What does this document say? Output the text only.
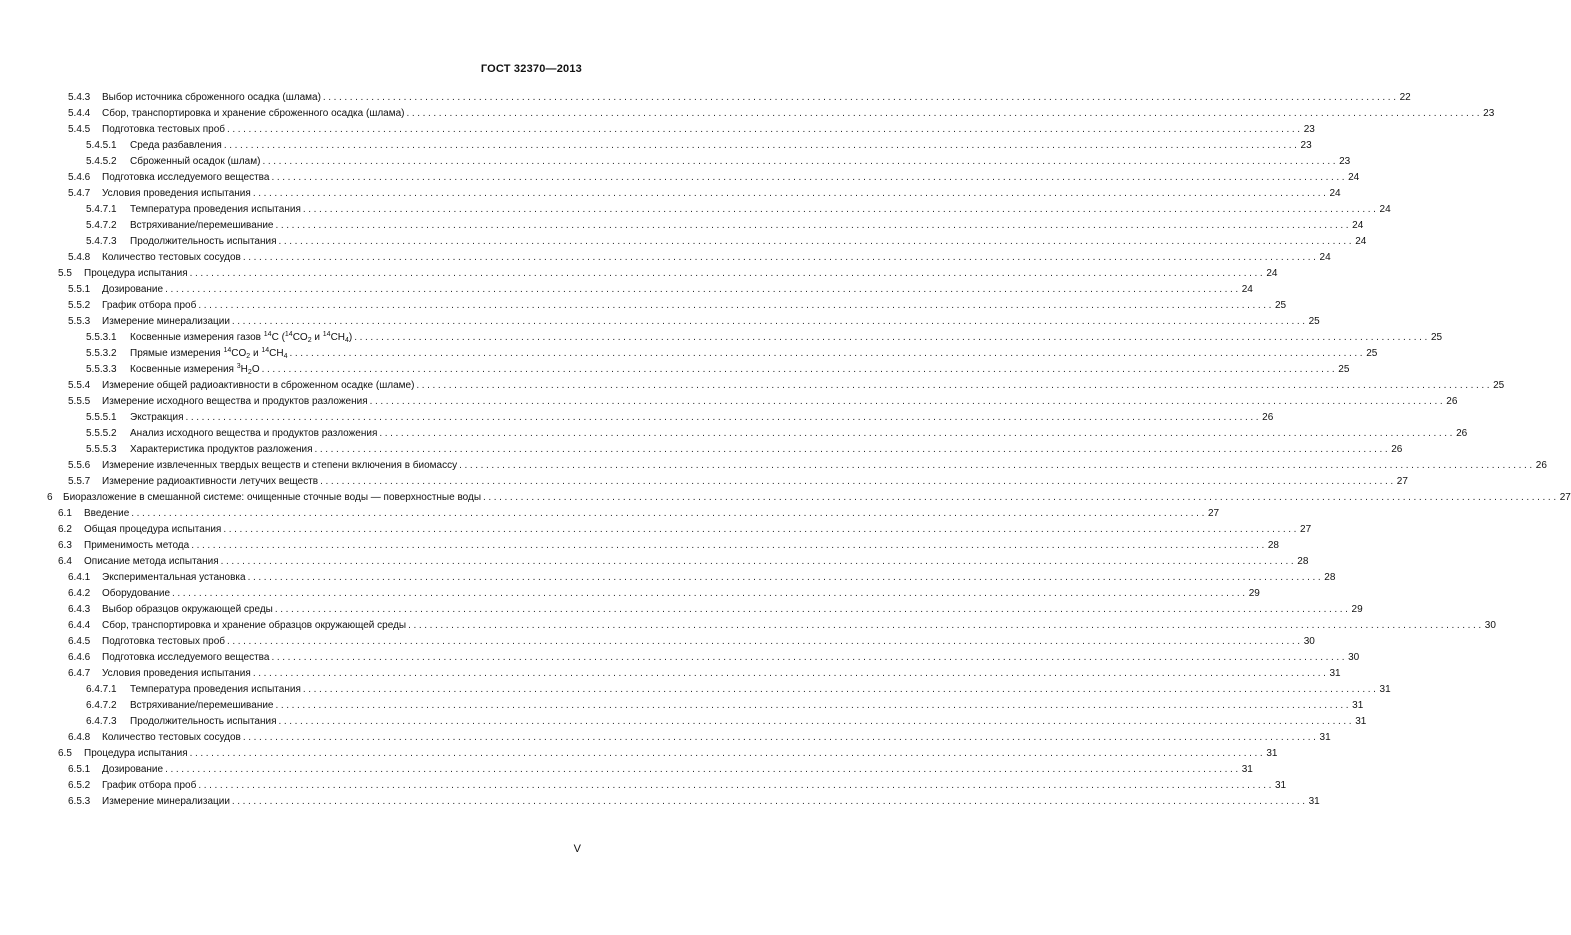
ГОСТ 32370—2013
5.4.3	Выбор источника сброженного осадка (шлама) ........................................................................................................................................................................................................ 22
5.4.4	Сбор, транспортировка и хранение сброженного осадка (шлама) ........................................................................................................................................................................................................ 23
5.4.5	Подготовка тестовых проб ........................................................................................................................................................................................................ 23
5.4.5.1	Среда разбавления ........................................................................................................................................................................................................ 23
5.4.5.2	Сброженный осадок (шлам) ........................................................................................................................................................................................................ 23
5.4.6	Подготовка исследуемого вещества ........................................................................................................................................................................................................ 24
5.4.7	Условия проведения испытания ........................................................................................................................................................................................................ 24
5.4.7.1	Температура проведения испытания ........................................................................................................................................................................................................ 24
5.4.7.2	Встряхивание/перемешивание ........................................................................................................................................................................................................ 24
5.4.7.3	Продолжительность испытания ........................................................................................................................................................................................................ 24
5.4.8	Количество тестовых сосудов ........................................................................................................................................................................................................ 24
5.5	Процедура испытания ........................................................................................................................................................................................................ 24
5.5.1	Дозирование ........................................................................................................................................................................................................ 24
5.5.2	График отбора проб ........................................................................................................................................................................................................ 25
5.5.3	Измерение минерализации ........................................................................................................................................................................................................ 25
5.5.3.1	Косвенные измерения газов $^{14}$C ($^{14}CO_2$ и $^{14}CH_4$) ........................................................................................................................................................................................................ 25
5.5.3.2	Прямые измерения $^{14}CO_2$ и $^{14}CH_4$ ........................................................................................................................................................................................................ 25
5.5.3.3	Косвенные измерения $^3H_2O$ ........................................................................................................................................................................................................ 25
5.5.4	Измерение общей радиоактивности в сброженном осадке (шламе) ........................................................................................................................................................................................................ 25
5.5.5	Измерение исходного вещества и продуктов разложения ........................................................................................................................................................................................................ 26
5.5.5.1	Экстракция ........................................................................................................................................................................................................ 26
5.5.5.2	Анализ исходного вещества и продуктов разложения ........................................................................................................................................................................................................ 26
5.5.5.3	Характеристика продуктов разложения ........................................................................................................................................................................................................ 26
5.5.6	Измерение извлеченных твердых веществ и степени включения в биомассу ........................................................................................................................................................................................................ 26
5.5.7	Измерение радиоактивности летучих веществ ........................................................................................................................................................................................................ 27
6	Биоразложение в смешанной системе: очищенные сточные воды — поверхностные воды ........................................................................................................................................................................................................ 27
6.1	Введение ........................................................................................................................................................................................................ 27
6.2	Общая процедура испытания ........................................................................................................................................................................................................ 27
6.3	Применимость метода ........................................................................................................................................................................................................ 28
6.4	Описание метода испытания ........................................................................................................................................................................................................ 28
6.4.1	Экспериментальная установка ........................................................................................................................................................................................................ 28
6.4.2	Оборудование ........................................................................................................................................................................................................ 29
6.4.3	Выбор образцов окружающей среды ........................................................................................................................................................................................................ 29
6.4.4	Сбор, транспортировка и хранение образцов окружающей среды ........................................................................................................................................................................................................ 30
6.4.5	Подготовка тестовых проб ........................................................................................................................................................................................................ 30
6.4.6	Подготовка исследуемого вещества ........................................................................................................................................................................................................ 30
6.4.7	Условия проведения испытания ........................................................................................................................................................................................................ 31
6.4.7.1	Температура проведения испытания ........................................................................................................................................................................................................ 31
6.4.7.2	Встряхивание/перемешивание ........................................................................................................................................................................................................ 31
6.4.7.3	Продолжительность испытания ........................................................................................................................................................................................................ 31
6.4.8	Количество тестовых сосудов ........................................................................................................................................................................................................ 31
6.5	Процедура испытания ........................................................................................................................................................................................................ 31
6.5.1	Дозирование ........................................................................................................................................................................................................ 31
6.5.2	График отбора проб ........................................................................................................................................................................................................ 31
6.5.3	Измерение минерализации ........................................................................................................................................................................................................ 31
V
